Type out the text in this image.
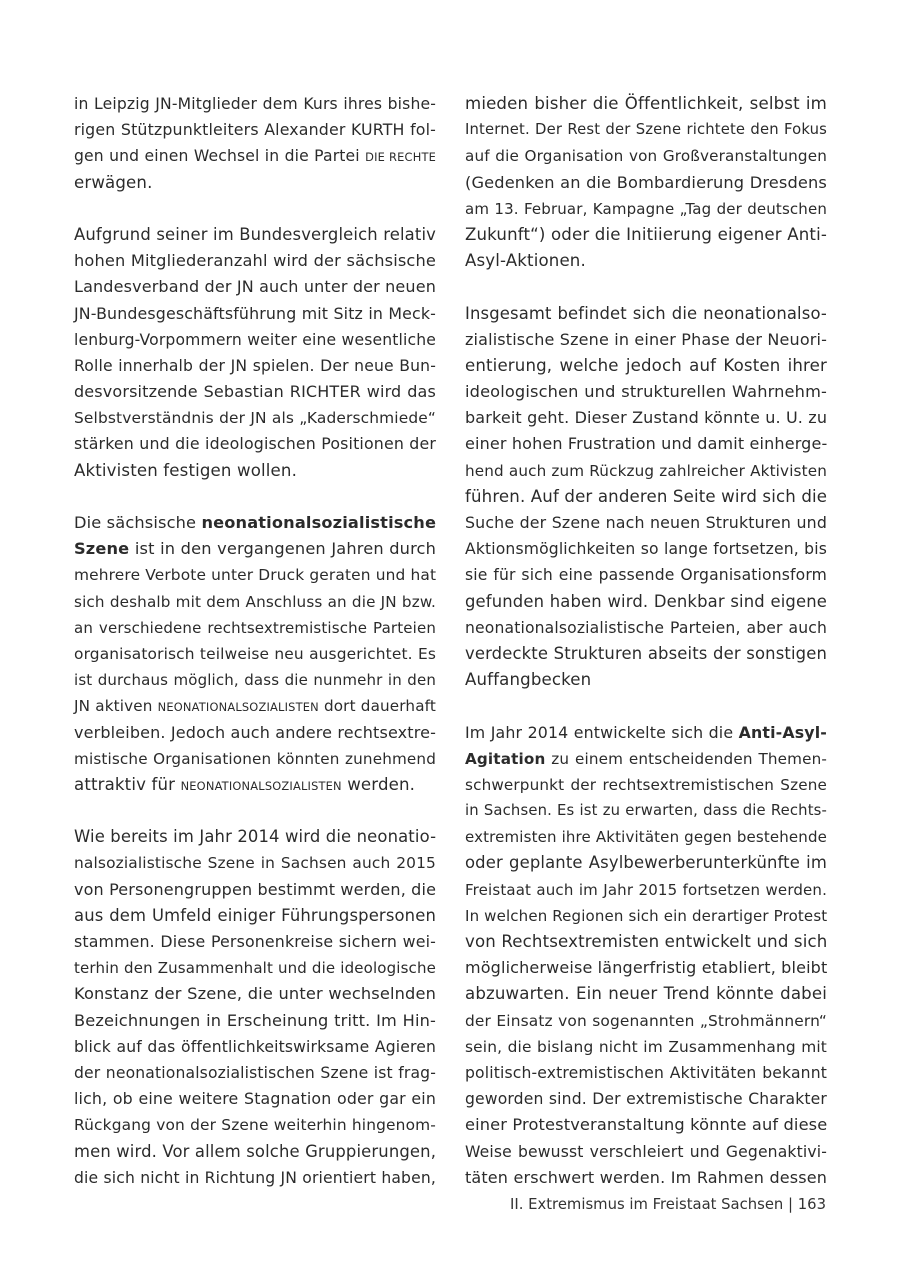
in Leipzig JN-Mitglieder dem Kurs ihres bishe-
rigen Stützpunktleiters Alexander KURTH fol-
gen und einen Wechsel in die Partei DIE RECHTE
erwägen.
Aufgrund seiner im Bundesvergleich relativ
hohen Mitgliederanzahl wird der sächsische
Landesverband der JN auch unter der neuen
JN-Bundesgeschäftsführung mit Sitz in Meck-
lenburg-Vorpommern weiter eine wesentliche
Rolle innerhalb der JN spielen. Der neue Bun-
desvorsitzende Sebastian RICHTER wird das
Selbstverständnis der JN als „Kaderschmiede“
stärken und die ideologischen Positionen der
Aktivisten festigen wollen.
Die sächsische neonationalsozialistische
Szene ist in den vergangenen Jahren durch
mehrere Verbote unter Druck geraten und hat
sich deshalb mit dem Anschluss an die JN bzw.
an verschiedene rechtsextremistische Parteien
organisatorisch teilweise neu ausgerichtet. Es
ist durchaus möglich, dass die nunmehr in den
JN aktiven NEONATIONALSOZIALISTEN dort dauerhaft
verbleiben. Jedoch auch andere rechtsextre-
mistische Organisationen könnten zunehmend
attraktiv für NEONATIONALSOZIALISTEN werden.
Wie bereits im Jahr 2014 wird die neonatio-
nalsozialistische Szene in Sachsen auch 2015
von Personengruppen bestimmt werden, die
aus dem Umfeld einiger Führungspersonen
stammen. Diese Personenkreise sichern wei-
terhin den Zusammenhalt und die ideologische
Konstanz der Szene, die unter wechselnden
Bezeichnungen in Erscheinung tritt. Im Hin-
blick auf das öffentlichkeitswirksame Agieren
der neonationalsozialistischen Szene ist frag-
lich, ob eine weitere Stagnation oder gar ein
Rückgang von der Szene weiterhin hingenom-
men wird. Vor allem solche Gruppierungen,
die sich nicht in Richtung JN orientiert haben,
mieden bisher die Öffentlichkeit, selbst im
Internet. Der Rest der Szene richtete den Fokus
auf die Organisation von Großveranstaltungen
(Gedenken an die Bombardierung Dresdens
am 13. Februar, Kampagne „Tag der deutschen
Zukunft“) oder die Initiierung eigener Anti-
Asyl-Aktionen.
Insgesamt befindet sich die neonationalso-
zialistische Szene in einer Phase der Neuori-
entierung, welche jedoch auf Kosten ihrer
ideologischen und strukturellen Wahrnehm-
barkeit geht. Dieser Zustand könnte u. U. zu
einer hohen Frustration und damit einherge-
hend auch zum Rückzug zahlreicher Aktivisten
führen. Auf der anderen Seite wird sich die
Suche der Szene nach neuen Strukturen und
Aktionsmöglichkeiten so lange fortsetzen, bis
sie für sich eine passende Organisationsform
gefunden haben wird. Denkbar sind eigene
neonationalsozialistische Parteien, aber auch
verdeckte Strukturen abseits der sonstigen
Auffangbecken
Im Jahr 2014 entwickelte sich die Anti-Asyl-
Agitation zu einem entscheidenden Themen-
schwerpunkt der rechtsextremistischen Szene
in Sachsen. Es ist zu erwarten, dass die Rechts-
extremisten ihre Aktivitäten gegen bestehende
oder geplante Asylbewerberunterkünfte im
Freistaat auch im Jahr 2015 fortsetzen werden.
In welchen Regionen sich ein derartiger Protest
von Rechtsextremisten entwickelt und sich
möglicherweise längerfristig etabliert, bleibt
abzuwarten. Ein neuer Trend könnte dabei
der Einsatz von sogenannten „Strohmännern“
sein, die bislang nicht im Zusammenhang mit
politisch-extremistischen Aktivitäten bekannt
geworden sind. Der extremistische Charakter
einer Protestveranstaltung könnte auf diese
Weise bewusst verschleiert und Gegenaktivi-
täten erschwert werden. Im Rahmen dessen
II. Extremismus im Freistaat Sachsen | 163
